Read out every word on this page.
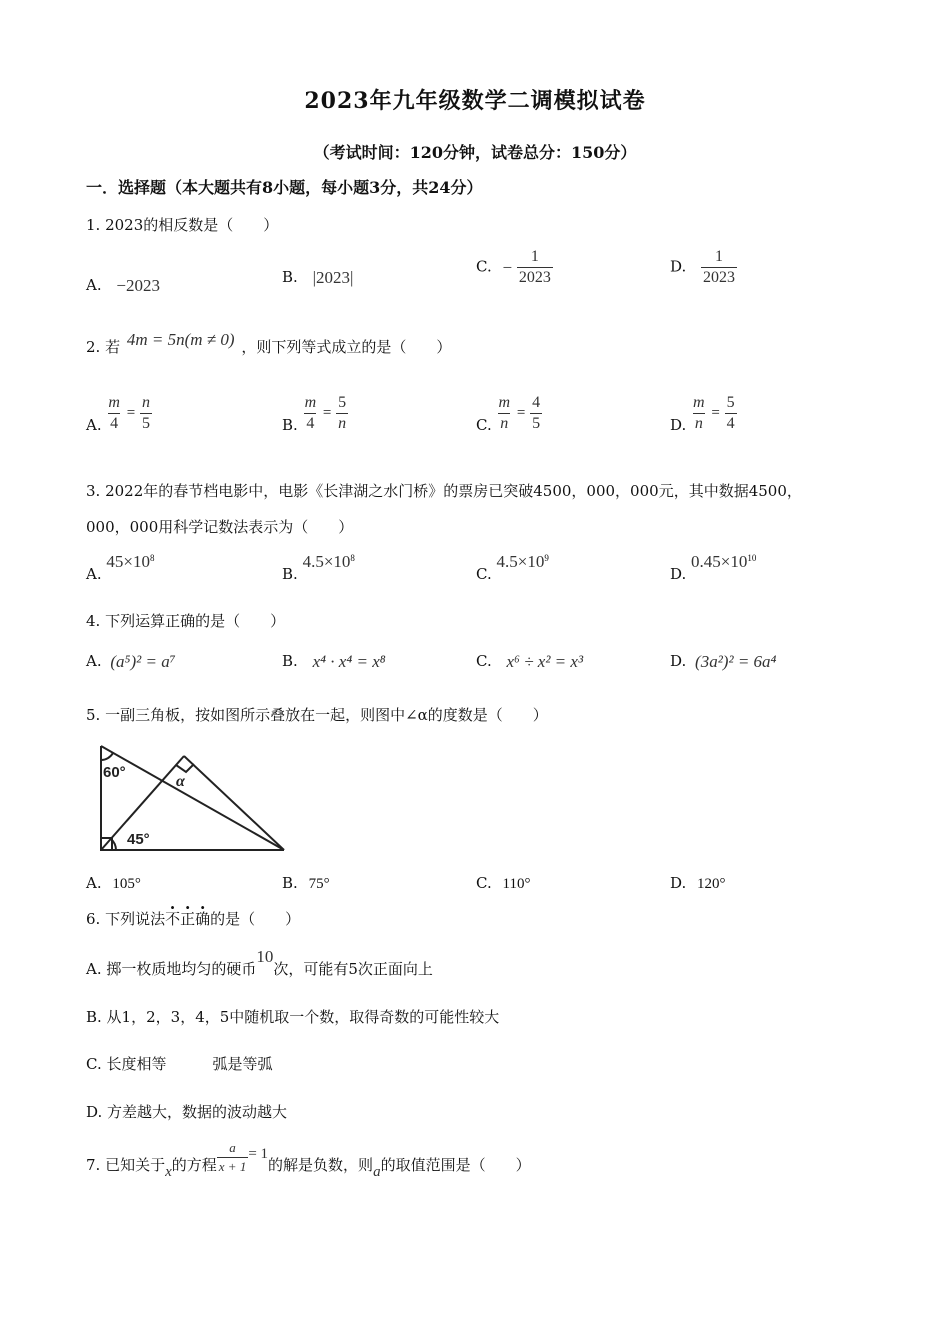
2023年九年级数学二调模拟试卷
（考试时间：120分钟，试卷总分：150分）
一．选择题（本大题共有8小题，每小题3分，共24分）
1. 2023的相反数是（　　）
A. −2023	B. |2023|
C. − $\frac{1}{2023}$	D. $\frac{1}{2023}$
2. 若 4m = 5n(m ≠ 0) ，则下列等式成立的是（　　）
A. $\frac{m}{4} = \frac{n}{5}$	B. $\frac{m}{4} = \frac{5}{n}$	C. $\frac{m}{n} = \frac{4}{5}$	D. $\frac{m}{n} = \frac{5}{4}$
3. 2022年的春节档电影中，电影《长津湖之水门桥》的票房已突破4500，000，000元，其中数据4500，
000，000用科学记数法表示为（　　）
A. $45\times 10^8$
B. $4.5\times 10^8$
C. $4.5\times 10^9$
D. $0.45\times 10^{10}$
4. 下列运算正确的是（　　）
A. (a⁵)² = a⁷	B. x⁴ · x⁴ = x⁸	C. x⁶ ÷ x² = x³	D. (3a²)² = 6a⁴
5. 一副三角板，按如图所示叠放在一起，则图中∠α的度数是（　　）
60°
45°
α
A. 105°	B. 75°	C. 110°	D. 120°
6. 下列说法不正确的是（　　）
A. 掷一枚质地均匀的硬币10次，可能有5次正面向上
B. 从1，2，3，4，5中随机取一个数，取得奇数的可能性较大
C. 长度相等	弧是等弧
D. 方差越大，数据的波动越大
7. 已知关于x的方程 $\frac{a}{x + 1} = 1$的解是负数，则a的取值范围是（　　）
